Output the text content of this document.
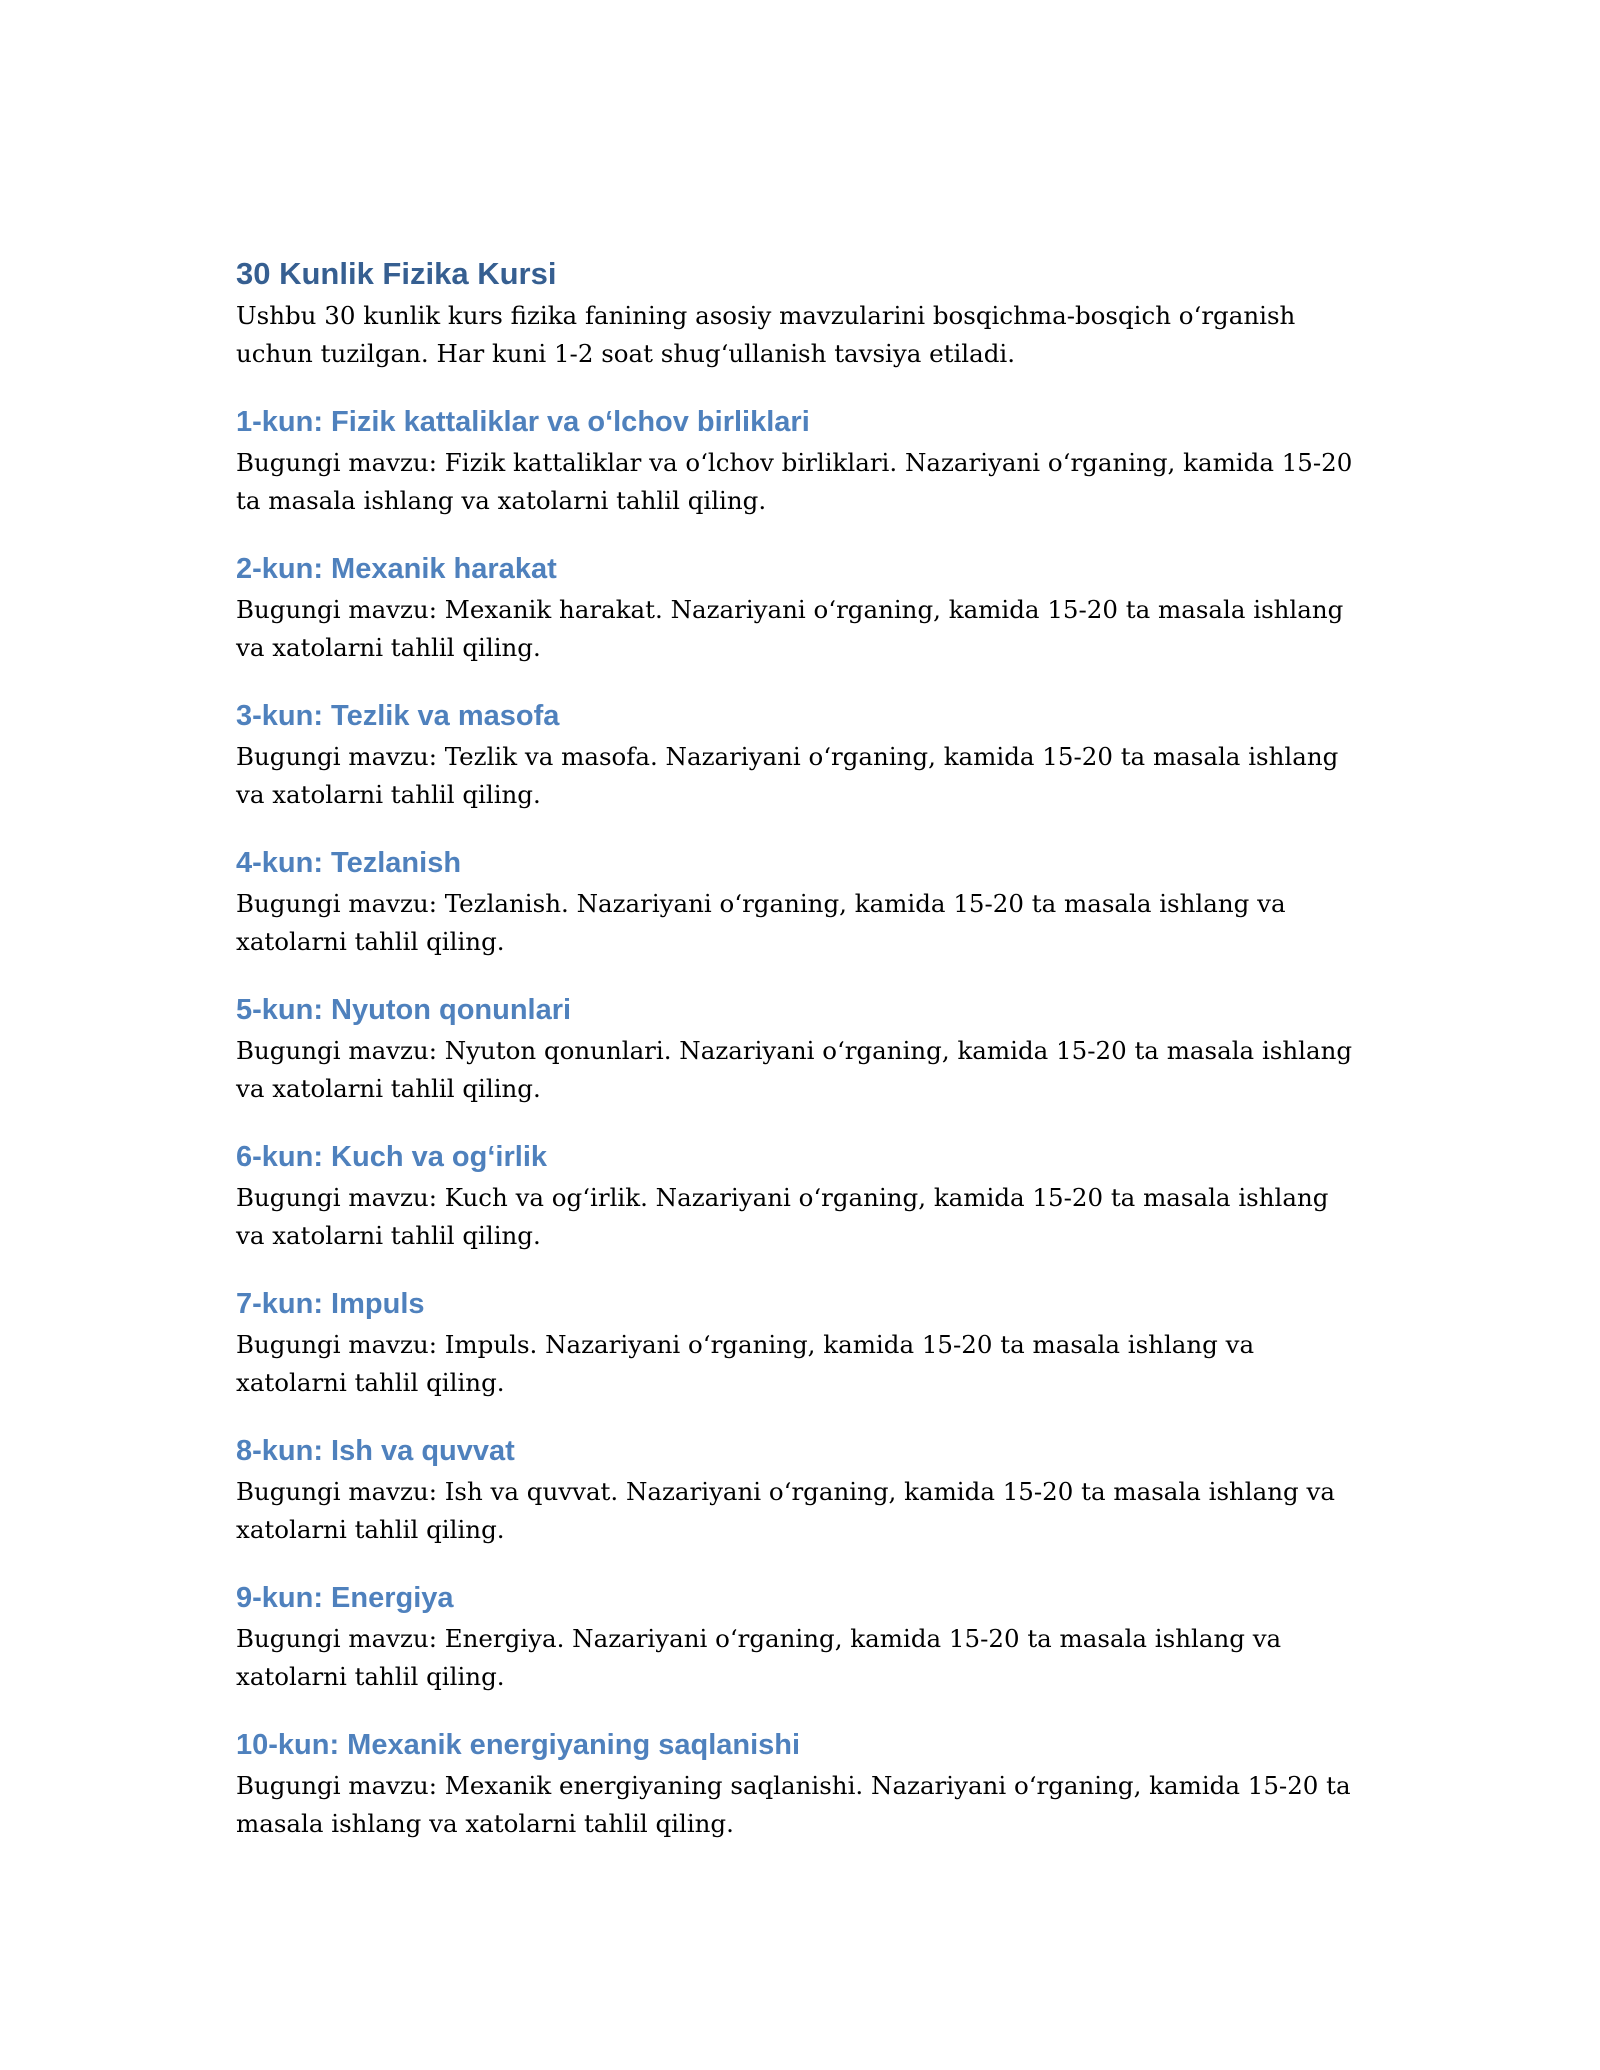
30 Kunlik Fizika Kursi

Ushbu 30 kunlik kurs fizika fanining asosiy mavzularini bosqichma-bosqich o‘rganish uchun tuzilgan. Har kuni 1-2 soat shug‘ullanish tavsiya etiladi.

1-kun: Fizik kattaliklar va o‘lchov birliklari

Bugungi mavzu: Fizik kattaliklar va o‘lchov birliklari. Nazariyani o‘rganing, kamida 15-20 ta masala ishlang va xatolarni tahlil qiling.

2-kun: Mexanik harakat

Bugungi mavzu: Mexanik harakat. Nazariyani o‘rganing, kamida 15-20 ta masala ishlang va xatolarni tahlil qiling.

3-kun: Tezlik va masofa

Bugungi mavzu: Tezlik va masofa. Nazariyani o‘rganing, kamida 15-20 ta masala ishlang va xatolarni tahlil qiling.

4-kun: Tezlanish

Bugungi mavzu: Tezlanish. Nazariyani o‘rganing, kamida 15-20 ta masala ishlang va xatolarni tahlil qiling.

5-kun: Nyuton qonunlari

Bugungi mavzu: Nyuton qonunlari. Nazariyani o‘rganing, kamida 15-20 ta masala ishlang va xatolarni tahlil qiling.

6-kun: Kuch va og‘irlik

Bugungi mavzu: Kuch va og‘irlik. Nazariyani o‘rganing, kamida 15-20 ta masala ishlang va xatolarni tahlil qiling.

7-kun: Impuls

Bugungi mavzu: Impuls. Nazariyani o‘rganing, kamida 15-20 ta masala ishlang va xatolarni tahlil qiling.

8-kun: Ish va quvvat

Bugungi mavzu: Ish va quvvat. Nazariyani o‘rganing, kamida 15-20 ta masala ishlang va xatolarni tahlil qiling.

9-kun: Energiya

Bugungi mavzu: Energiya. Nazariyani o‘rganing, kamida 15-20 ta masala ishlang va xatolarni tahlil qiling.

10-kun: Mexanik energiyaning saqlanishi

Bugungi mavzu: Mexanik energiyaning saqlanishi. Nazariyani o‘rganing, kamida 15-20 ta masala ishlang va xatolarni tahlil qiling.
